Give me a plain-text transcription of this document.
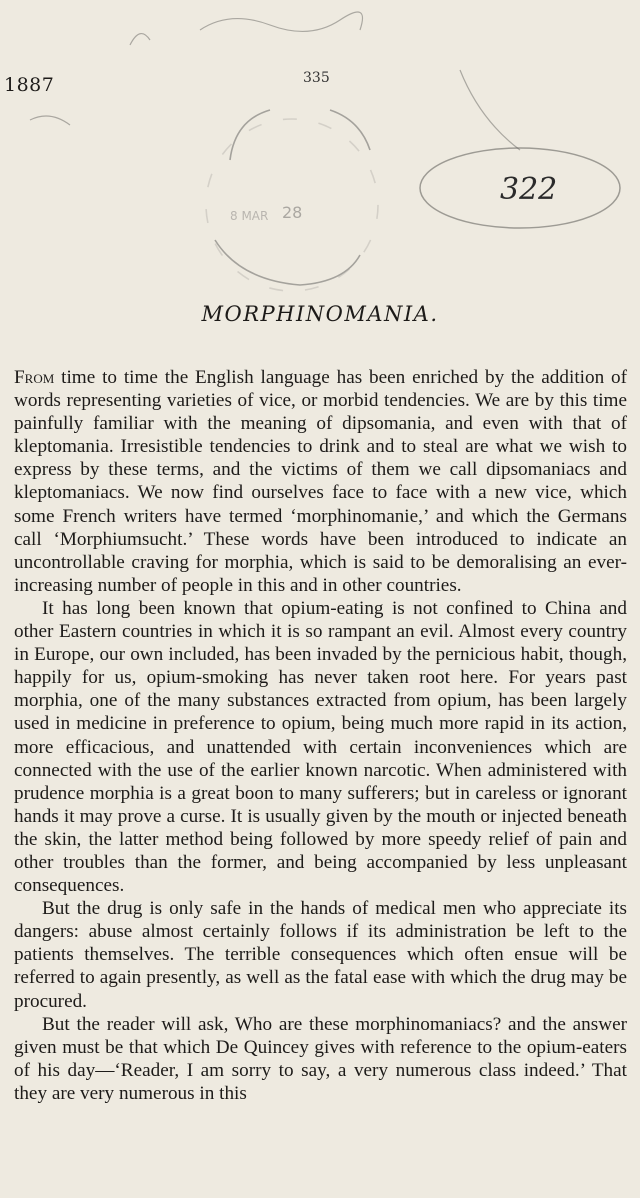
28
8 MAR
1887	335
322
MORPHINOMANIA.

From time to time the English language has been enriched by the addition of words representing varieties of vice, or morbid tendencies. We are by this time painfully familiar with the meaning of dipsomania, and even with that of kleptomania. Irresistible tendencies to drink and to steal are what we wish to express by these terms, and the victims of them we call dipsomaniacs and kleptomaniacs. We now find ourselves face to face with a new vice, which some French writers have termed ‘morphinomanie,’ and which the Germans call ‘Morphiumsucht.’ These words have been introduced to indicate an uncontrollable craving for morphia, which is said to be demoralising an ever-increasing number of people in this and in other countries.

It has long been known that opium-eating is not confined to China and other Eastern countries in which it is so rampant an evil. Almost every country in Europe, our own included, has been invaded by the pernicious habit, though, happily for us, opium-smoking has never taken root here. For years past morphia, one of the many substances extracted from opium, has been largely used in medicine in preference to opium, being much more rapid in its action, more efficacious, and unattended with certain inconveniences which are connected with the use of the earlier known narcotic. When administered with prudence morphia is a great boon to many sufferers; but in careless or ignorant hands it may prove a curse. It is usually given by the mouth or injected beneath the skin, the latter method being followed by more speedy relief of pain and other troubles than the former, and being accompanied by less unpleasant consequences.

But the drug is only safe in the hands of medical men who appreciate its dangers: abuse almost certainly follows if its administration be left to the patients themselves. The terrible consequences which often ensue will be referred to again presently, as well as the fatal ease with which the drug may be procured.

But the reader will ask, Who are these morphinomaniacs? and the answer given must be that which De Quincey gives with reference to the opium-eaters of his day—‘Reader, I am sorry to say, a very numerous class indeed.’ That they are very numerous in this
